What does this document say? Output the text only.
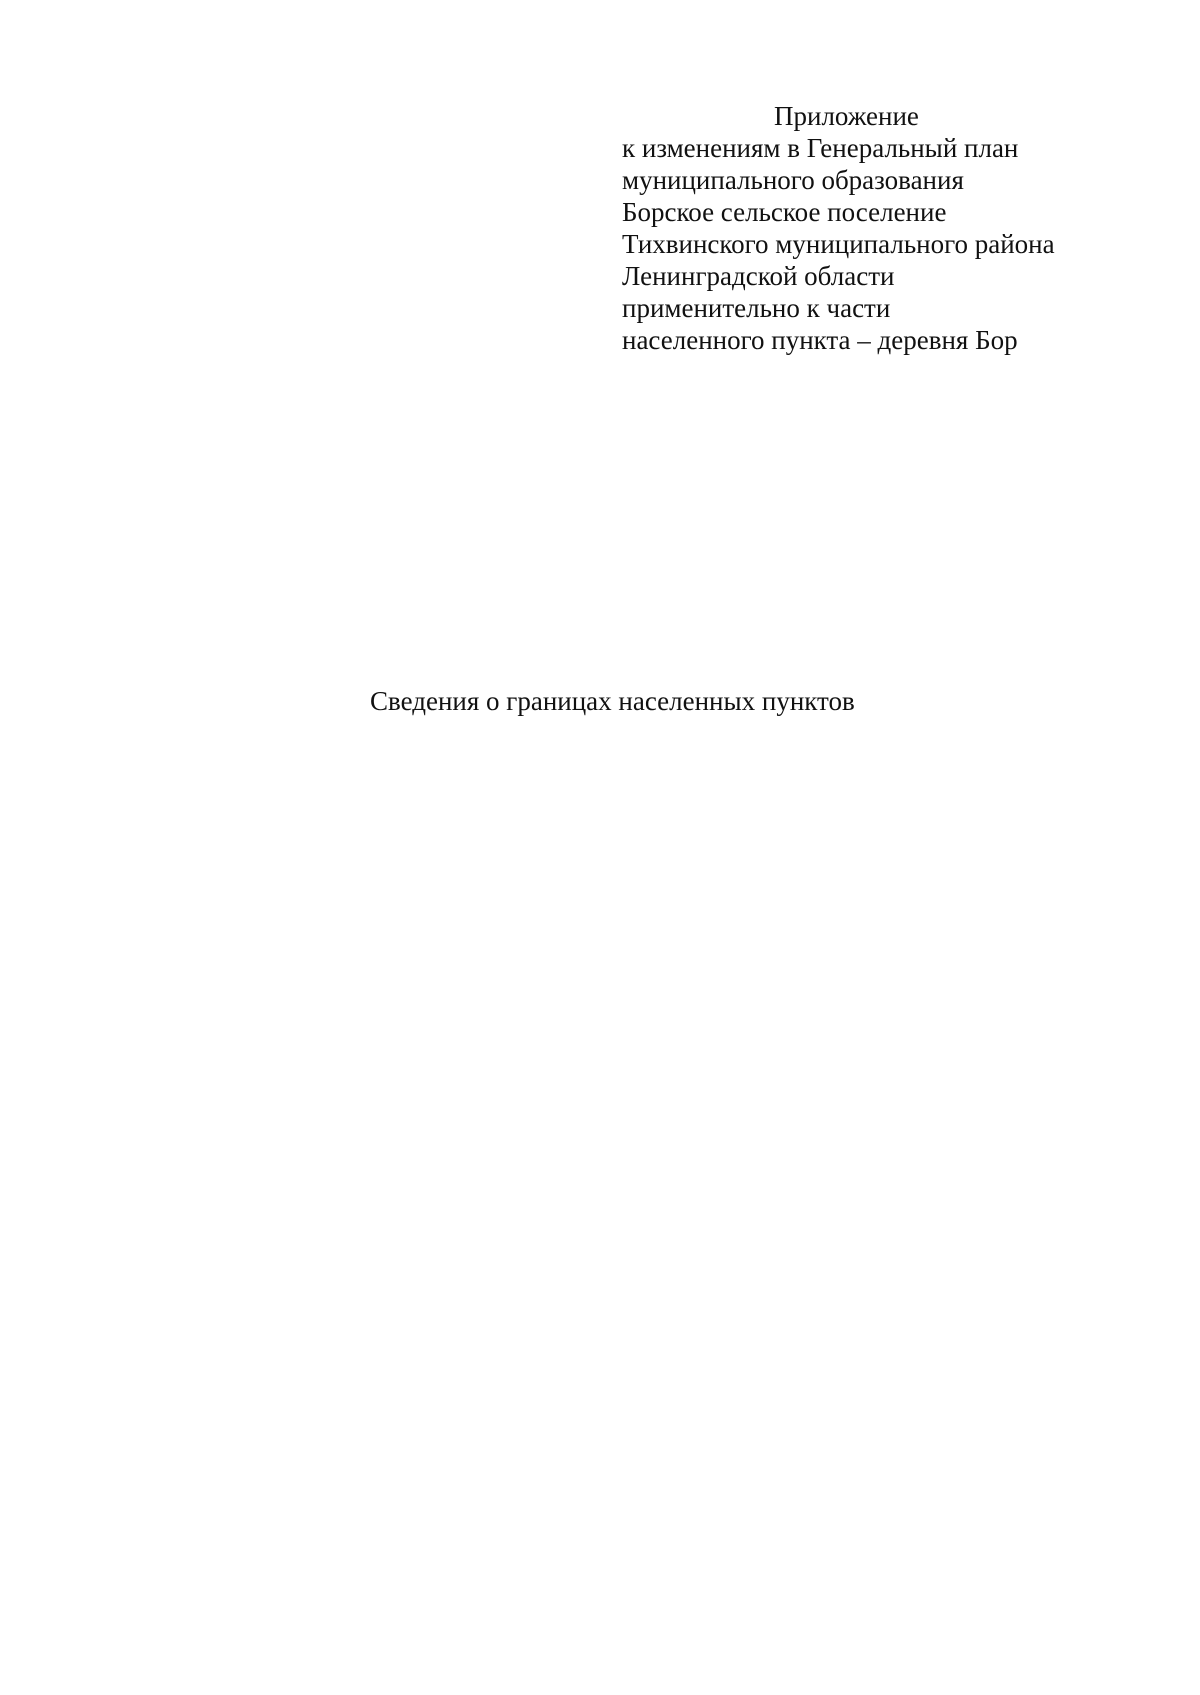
Приложение
к изменениям в Генеральный план
муниципального образования
Борское сельское поселение
Тихвинского муниципального района
Ленинградской области
применительно к части
населенного пункта – деревня Бор
Сведения о границах населенных пунктов
